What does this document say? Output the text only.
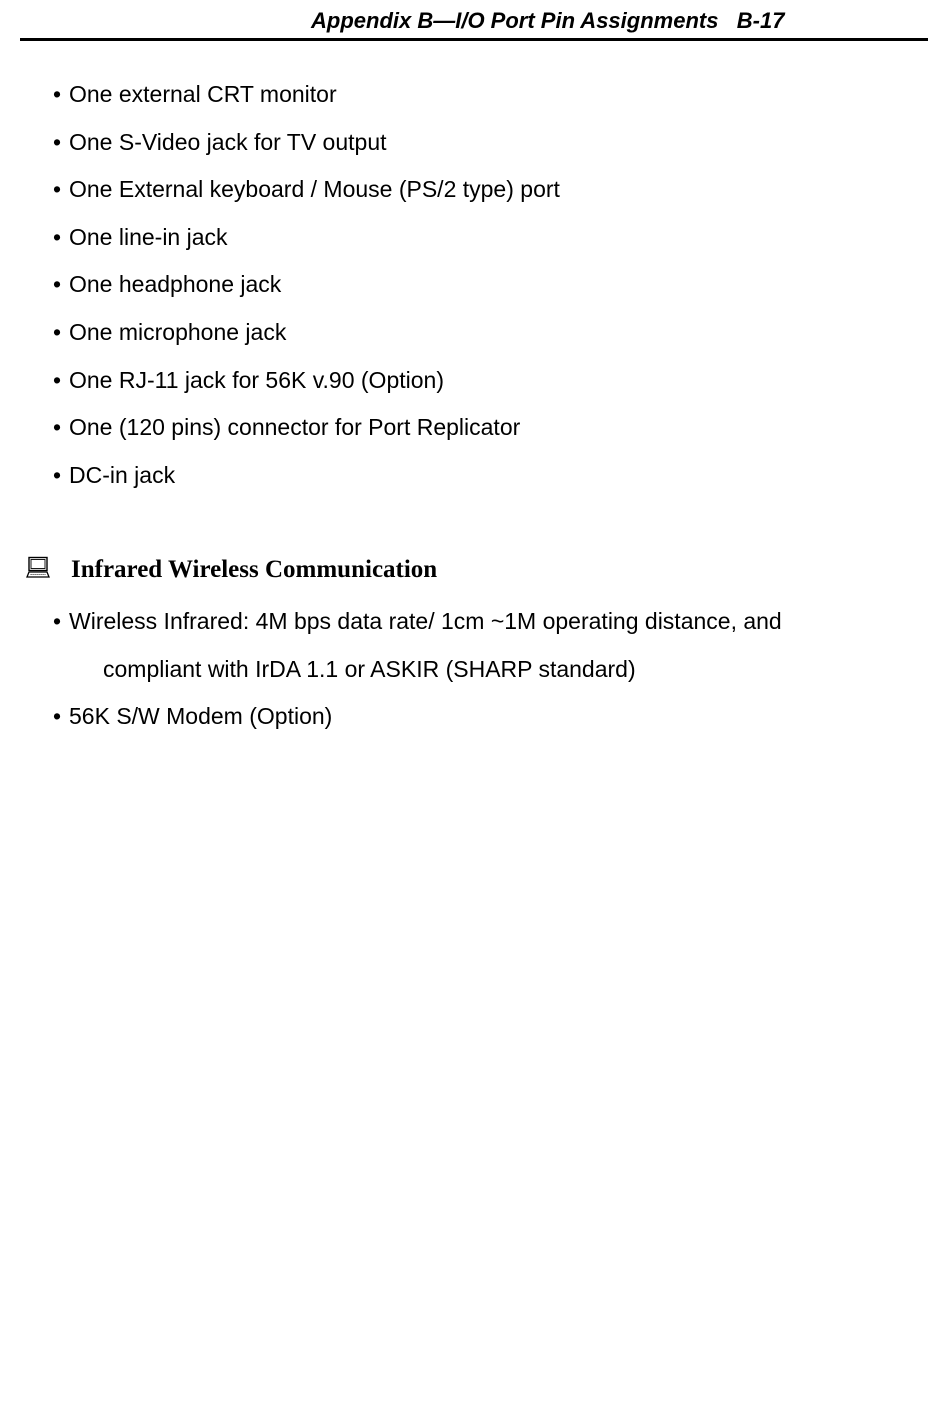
Appendix B—I/O Port Pin Assignments   B-17
• One external CRT monitor
• One S-Video jack for TV output
• One External keyboard / Mouse (PS/2 type) port
• One line-in jack
• One headphone jack
• One microphone jack
• One RJ-11 jack for 56K v.90 (Option)
• One (120 pins) connector for Port Replicator
• DC-in jack
Infrared Wireless Communication
• Wireless Infrared: 4M bps data rate/ 1cm ~1M operating distance, and
compliant with IrDA 1.1 or ASKIR (SHARP standard)
• 56K S/W Modem (Option)
